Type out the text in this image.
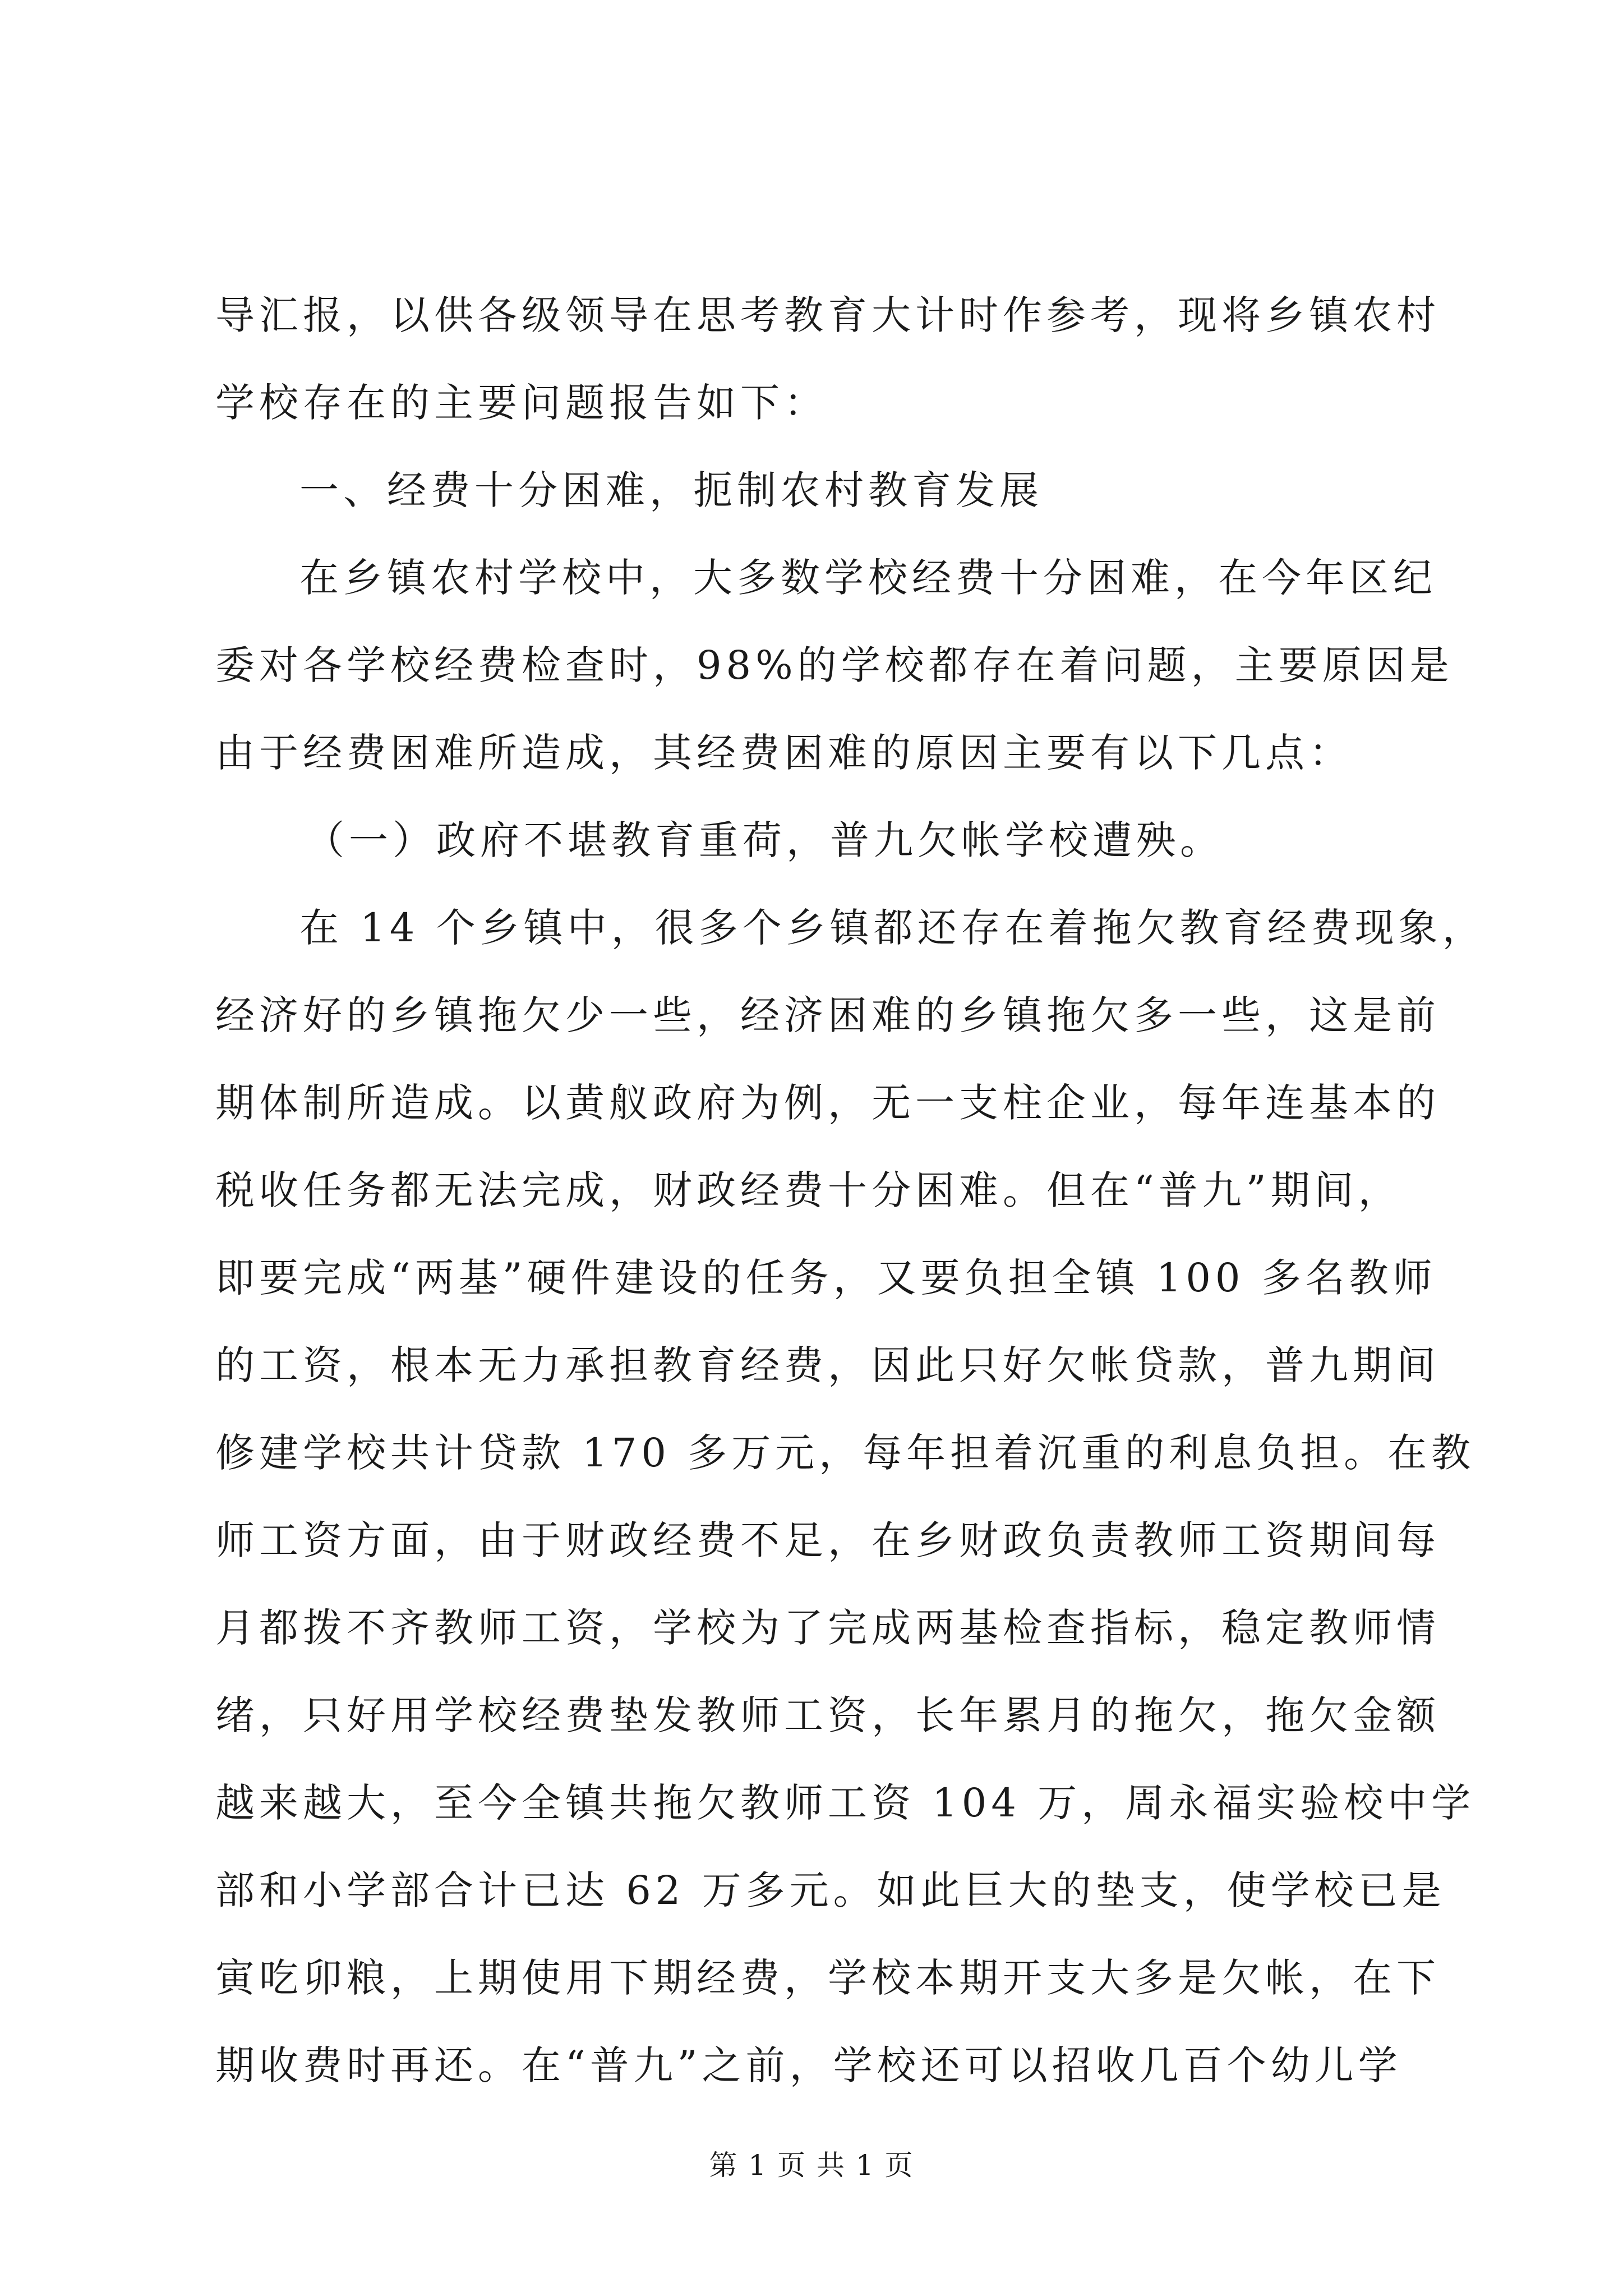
导汇报，以供各级领导在思考教育大计时作参考，现将乡镇农村
学校存在的主要问题报告如下：
一、经费十分困难，扼制农村教育发展
在乡镇农村学校中，大多数学校经费十分困难，在今年区纪
委对各学校经费检查时，98%的学校都存在着问题，主要原因是
由于经费困难所造成，其经费困难的原因主要有以下几点：
（一）政府不堪教育重荷，普九欠帐学校遭殃。
在 14 个乡镇中，很多个乡镇都还存在着拖欠教育经费现象，
经济好的乡镇拖欠少一些，经济困难的乡镇拖欠多一些，这是前
期体制所造成。以黄舣政府为例，无一支柱企业，每年连基本的
税收任务都无法完成，财政经费十分困难。但在“普九”期间，
即要完成“两基”硬件建设的任务，又要负担全镇 100 多名教师
的工资，根本无力承担教育经费，因此只好欠帐贷款，普九期间
修建学校共计贷款 170 多万元，每年担着沉重的利息负担。在教
师工资方面，由于财政经费不足，在乡财政负责教师工资期间每
月都拨不齐教师工资，学校为了完成两基检查指标，稳定教师情
绪，只好用学校经费垫发教师工资，长年累月的拖欠，拖欠金额
越来越大，至今全镇共拖欠教师工资 104 万，周永福实验校中学
部和小学部合计已达 62 万多元。如此巨大的垫支，使学校已是
寅吃卯粮，上期使用下期经费，学校本期开支大多是欠帐，在下
期收费时再还。在“普九”之前，学校还可以招收几百个幼儿学
第 1 页 共 1 页
